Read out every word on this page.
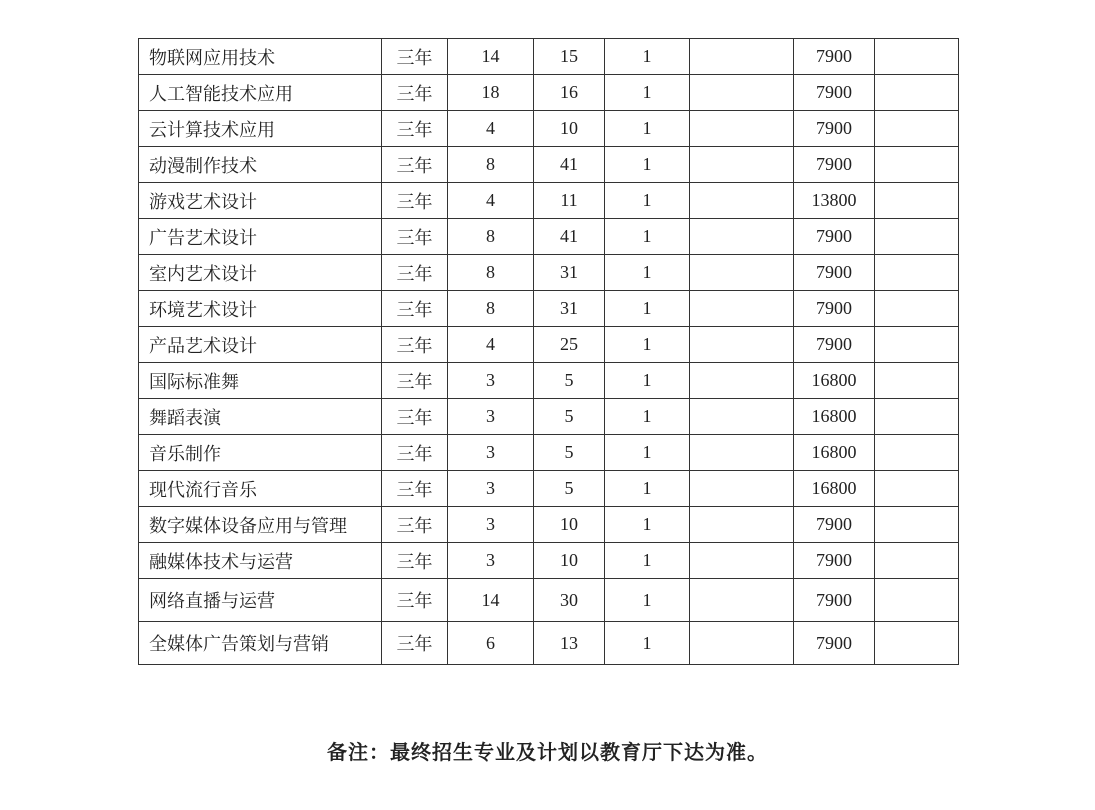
物联网应用技术	三年	14	15	1		7900	
人工智能技术应用	三年	18	16	1		7900	
云计算技术应用	三年	4	10	1		7900	
动漫制作技术	三年	8	41	1		7900	
游戏艺术设计	三年	4	11	1		13800	
广告艺术设计	三年	8	41	1		7900	
室内艺术设计	三年	8	31	1		7900	
环境艺术设计	三年	8	31	1		7900	
产品艺术设计	三年	4	25	1		7900	
国际标准舞	三年	3	5	1		16800	
舞蹈表演	三年	3	5	1		16800	
音乐制作	三年	3	5	1		16800	
现代流行音乐	三年	3	5	1		16800	
数字媒体设备应用与管理	三年	3	10	1		7900	
融媒体技术与运营	三年	3	10	1		7900	
网络直播与运营	三年	14	30	1		7900	
全媒体广告策划与营销	三年	6	13	1		7900	
备注：最终招生专业及计划以教育厅下达为准。
